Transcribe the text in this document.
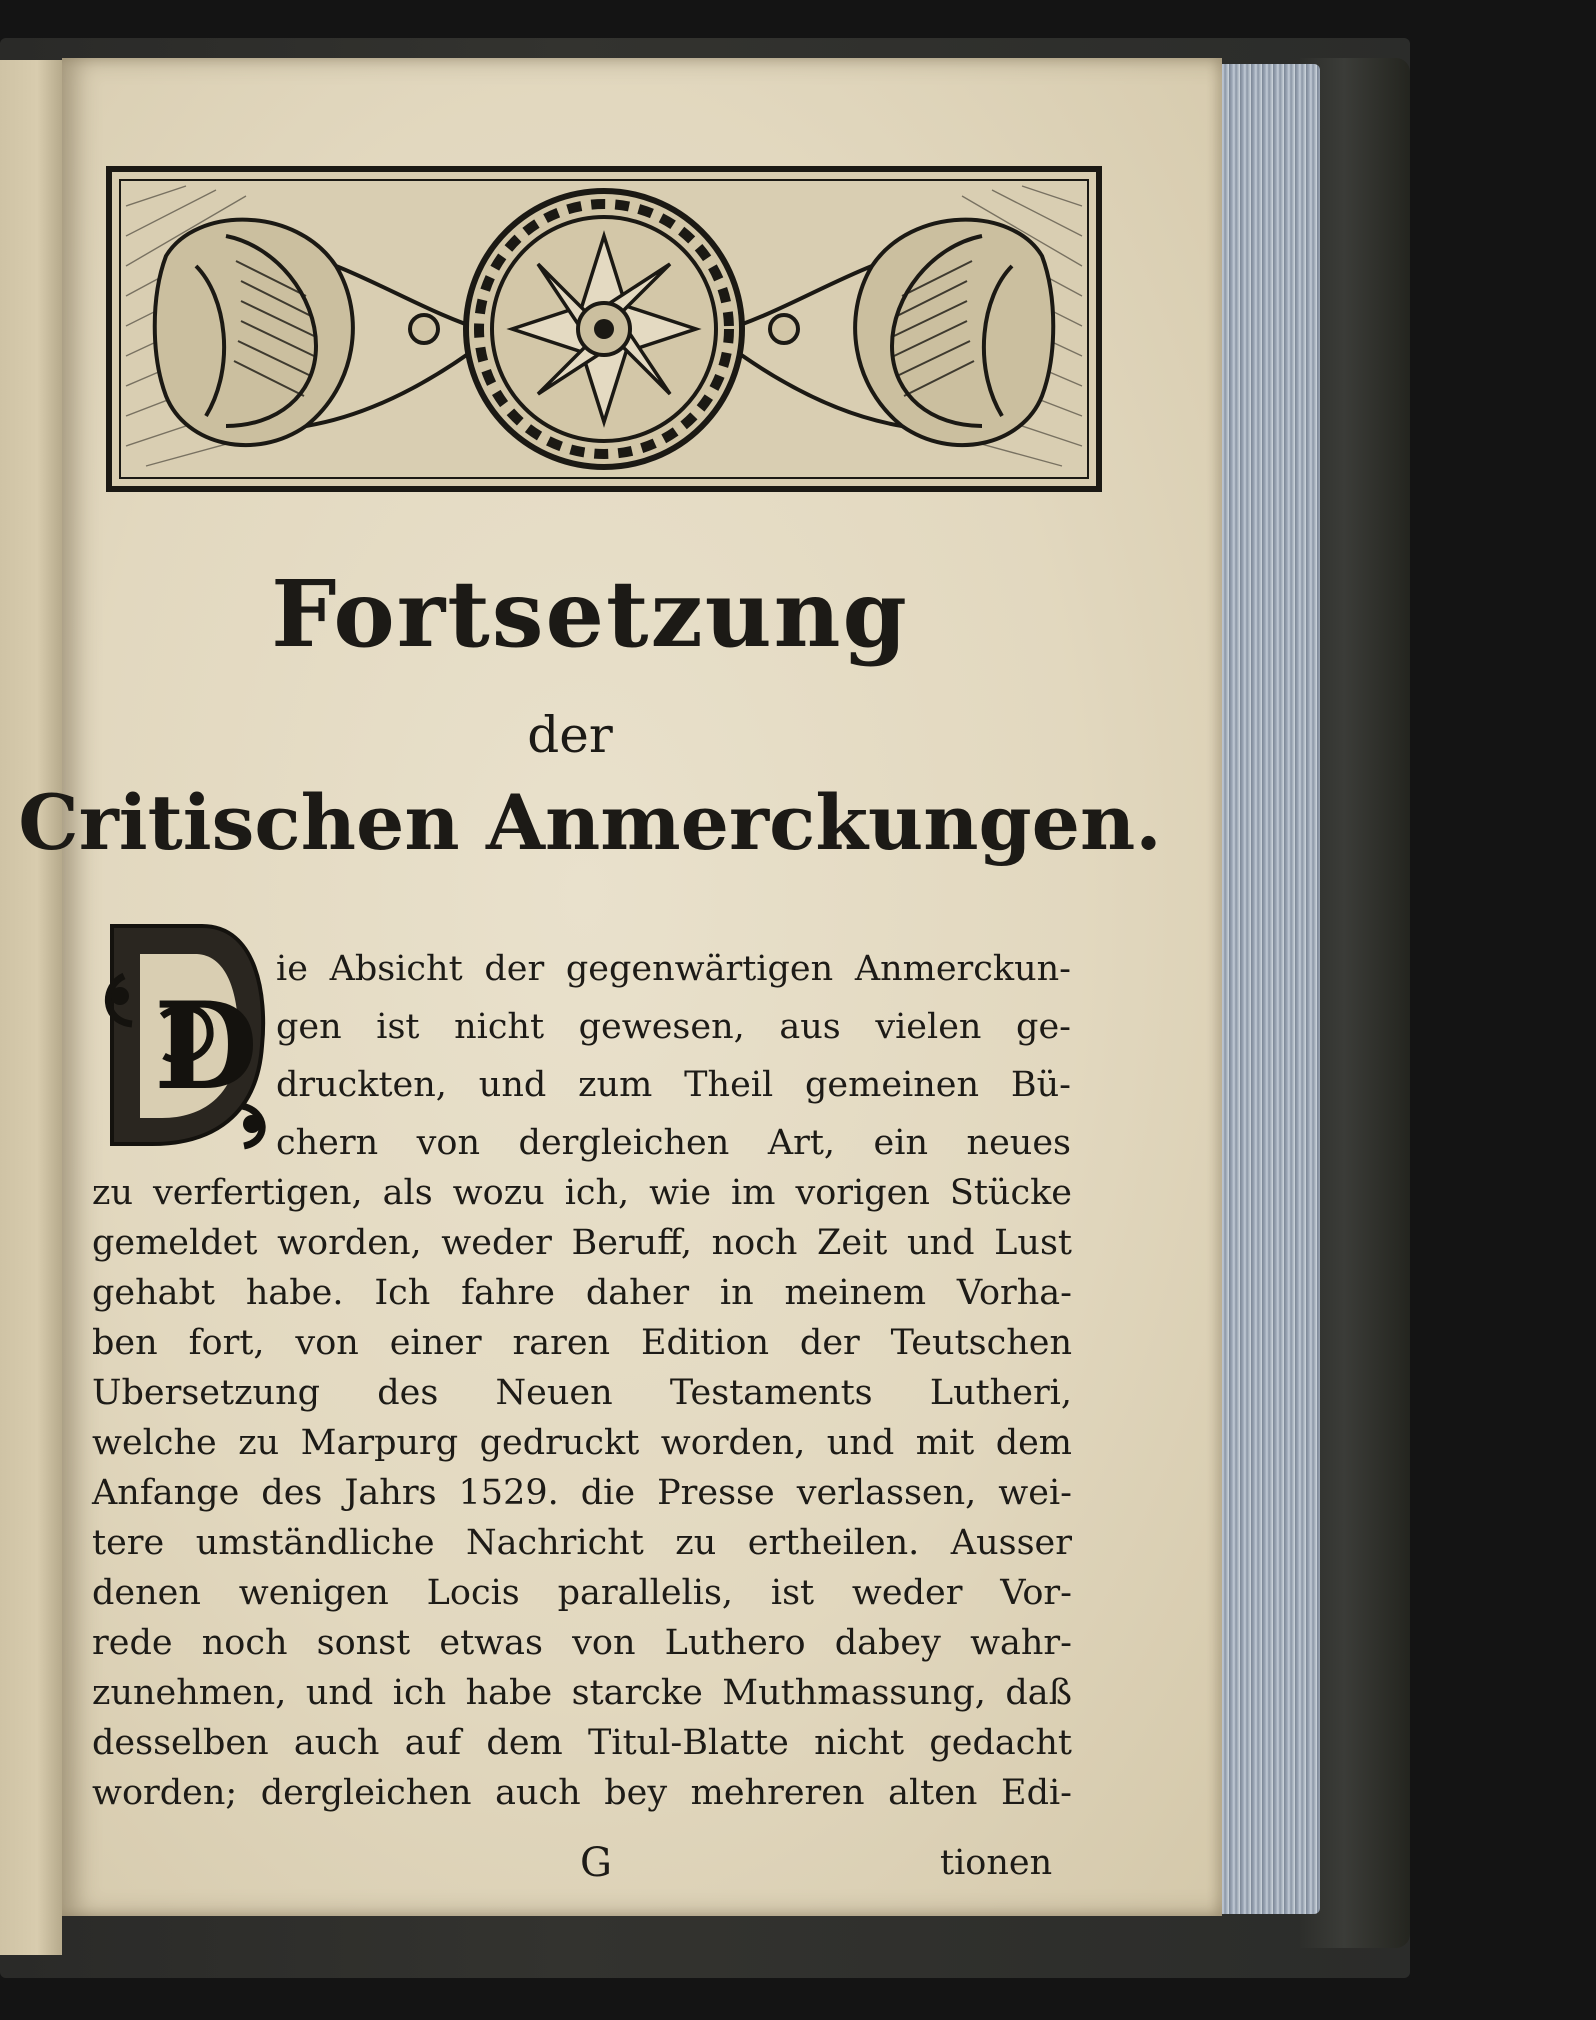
Fortsetzung
der
Critischen Anmerckungen.
D
ie Absicht der gegenwärtigen Anmerckun-
gen ist nicht gewesen, aus vielen ge-
druckten, und zum Theil gemeinen Bü-
chern von dergleichen Art, ein neues
zu verfertigen, als wozu ich, wie im vorigen Stücke
gemeldet worden, weder Beruff, noch Zeit und Lust
gehabt habe. Ich fahre daher in meinem Vorha-
ben fort, von einer raren Edition der Teutschen
Ubersetzung des Neuen Testaments Lutheri,
welche zu Marpurg gedruckt worden, und mit dem
Anfange des Jahrs 1529. die Presse verlassen, wei-
tere umständliche Nachricht zu ertheilen. Ausser
denen wenigen Locis parallelis, ist weder Vor-
rede noch sonst etwas von Luthero dabey wahr-
zunehmen, und ich habe starcke Muthmassung, daß
desselben auch auf dem Titul-Blatte nicht gedacht
worden; dergleichen auch bey mehreren alten Edi-
G	tionen
